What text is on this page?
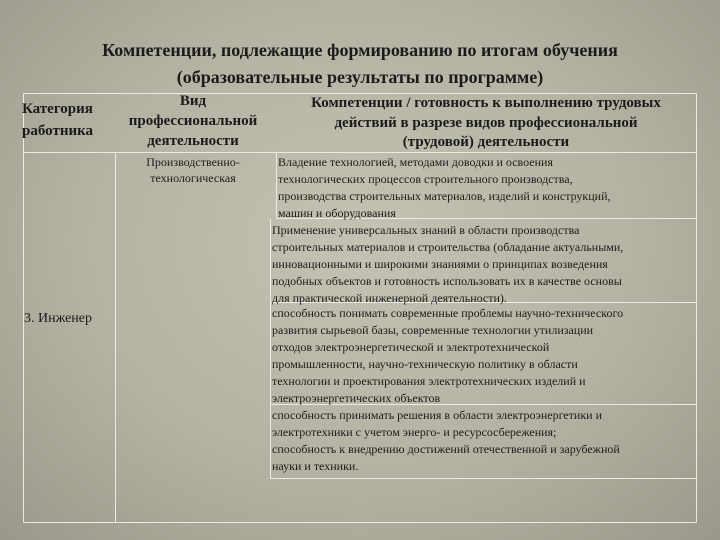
Компетенции, подлежащие формированию по итогам обучения
(образовательные результаты по программе)
Категория
работника
Вид
профессиональной
деятельности
Компетенции / готовность к выполнению трудовых
действий в разрезе видов профессиональной
(трудовой) деятельности
Производственно-
технологическая
3. Инженер
Владение технологией, методами доводки и освоения
технологических процессов строительного производства,
производства строительных материалов, изделий и конструкций,
машин и оборудования
Применение универсальных знаний в области производства
строительных материалов и строительства (обладание актуальными,
инновационными и широкими знаниями о принципах возведения
подобных объектов и готовность использовать их в качестве основы
для практической инженерной деятельности).
способность понимать современные проблемы научно-технического
развития сырьевой базы, современные технологии утилизации
отходов электроэнергетической и электротехнической
промышленности, научно-техническую политику в области
технологии и проектирования электротехнических изделий и
электроэнергетических объектов
способность принимать решения в области электроэнергетики и
электротехники с учетом энерго- и ресурсосбережения;
способность к внедрению достижений отечественной и зарубежной
науки и техники.
